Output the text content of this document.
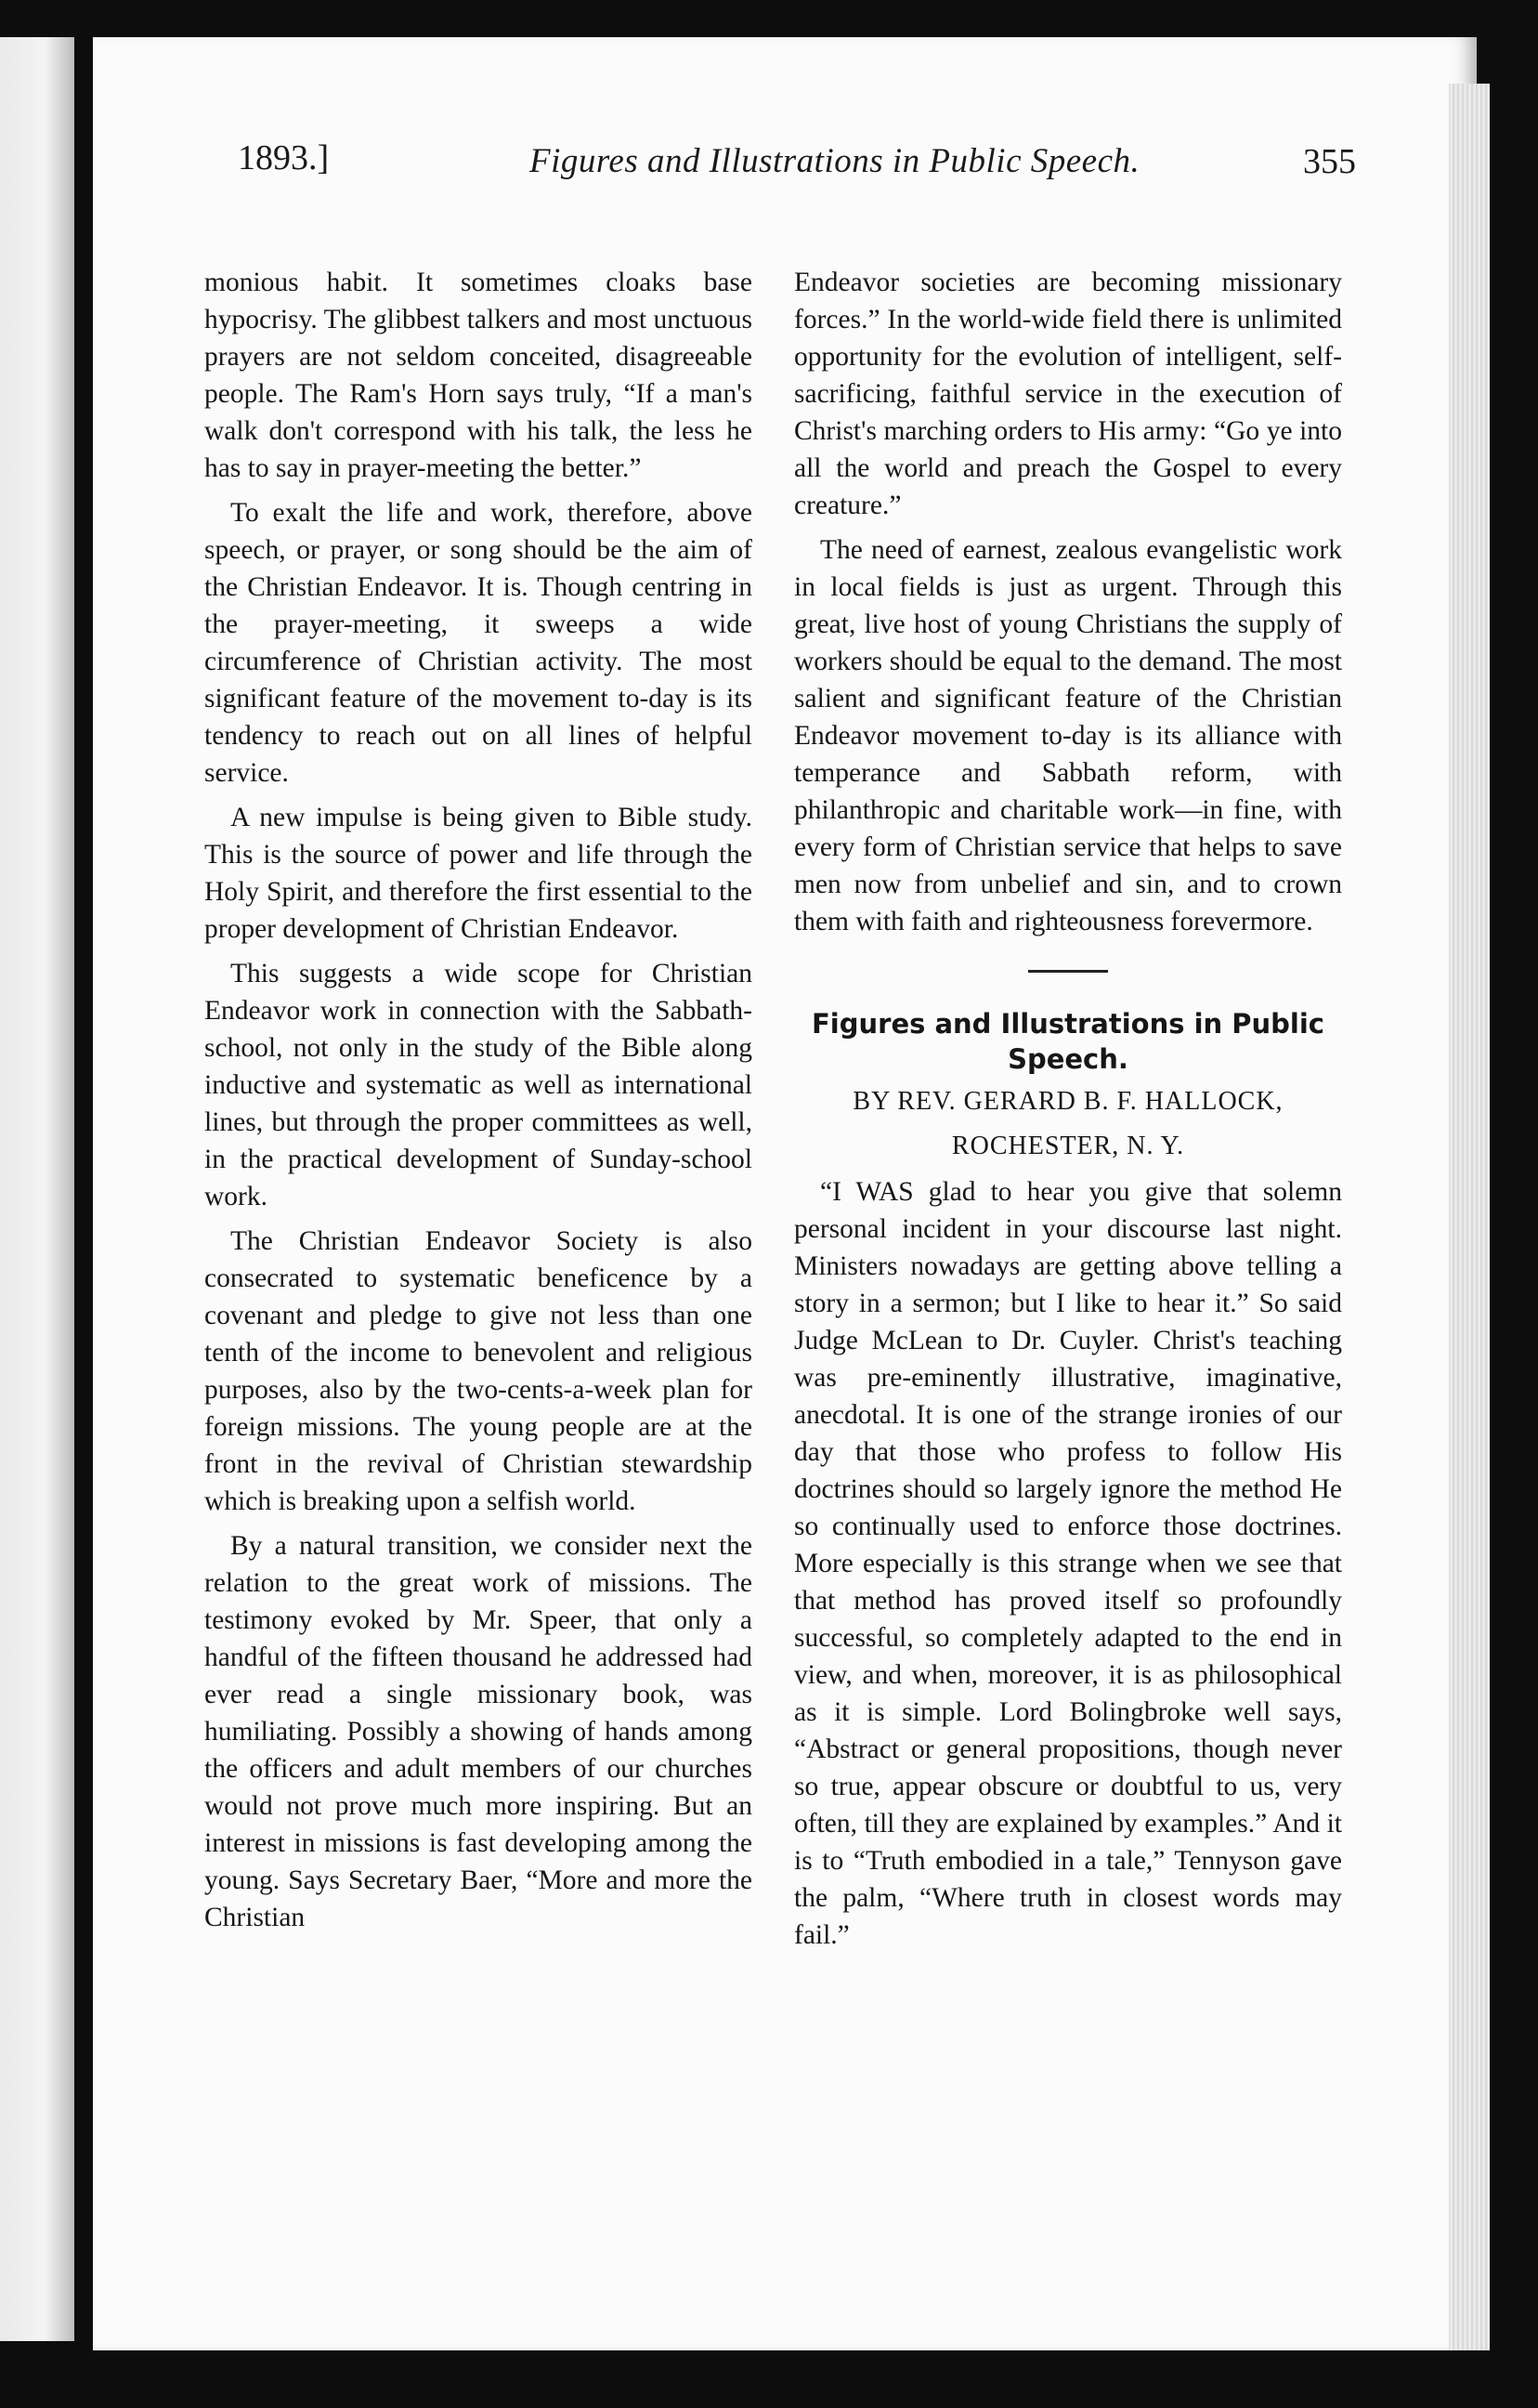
1893.]	Figures and Illustrations in Public Speech.	355

monious habit. It sometimes cloaks base hypocrisy. The glibbest talkers and most unctuous prayers are not seldom conceited, disagreeable people. The Ram's Horn says truly, “If a man's walk don't correspond with his talk, the less he has to say in prayer-meeting the better.”

To exalt the life and work, therefore, above speech, or prayer, or song should be the aim of the Christian Endeavor. It is. Though centring in the prayer-meeting, it sweeps a wide circumference of Christian activity. The most significant feature of the movement to-day is its tendency to reach out on all lines of helpful service.

A new impulse is being given to Bible study. This is the source of power and life through the Holy Spirit, and therefore the first essential to the proper development of Christian Endeavor.

This suggests a wide scope for Christian Endeavor work in connection with the Sabbath-school, not only in the study of the Bible along inductive and systematic as well as international lines, but through the proper committees as well, in the practical development of Sunday-school work.

The Christian Endeavor Society is also consecrated to systematic beneficence by a covenant and pledge to give not less than one tenth of the income to benevolent and religious purposes, also by the two-cents-a-week plan for foreign missions. The young people are at the front in the revival of Christian stewardship which is breaking upon a selfish world.

By a natural transition, we consider next the relation to the great work of missions. The testimony evoked by Mr. Speer, that only a handful of the fifteen thousand he addressed had ever read a single missionary book, was humiliating. Possibly a showing of hands among the officers and adult members of our churches would not prove much more inspiring. But an interest in missions is fast developing among the young. Says Secretary Baer, “More and more the Christian

Endeavor societies are becoming missionary forces.” In the world-wide field there is unlimited opportunity for the evolution of intelligent, self-sacrificing, faithful service in the execution of Christ's marching orders to His army: “Go ye into all the world and preach the Gospel to every creature.”

The need of earnest, zealous evangelistic work in local fields is just as urgent. Through this great, live host of young Christians the supply of workers should be equal to the demand. The most salient and significant feature of the Christian Endeavor movement to-day is its alliance with temperance and Sabbath reform, with philanthropic and charitable work—in fine, with every form of Christian service that helps to save men now from unbelief and sin, and to crown them with faith and righteousness forevermore.

Figures and Illustrations in Public Speech.
BY REV. GERARD B. F. HALLOCK,
ROCHESTER, N. Y.

“I WAS glad to hear you give that solemn personal incident in your discourse last night. Ministers nowadays are getting above telling a story in a sermon; but I like to hear it.” So said Judge McLean to Dr. Cuyler. Christ's teaching was pre-eminently illustrative, imaginative, anecdotal. It is one of the strange ironies of our day that those who profess to follow His doctrines should so largely ignore the method He so continually used to enforce those doctrines. More especially is this strange when we see that that method has proved itself so profoundly successful, so completely adapted to the end in view, and when, moreover, it is as philosophical as it is simple. Lord Bolingbroke well says, “Abstract or general propositions, though never so true, appear obscure or doubtful to us, very often, till they are explained by examples.” And it is to “Truth embodied in a tale,” Tennyson gave the palm, “Where truth in closest words may fail.”
